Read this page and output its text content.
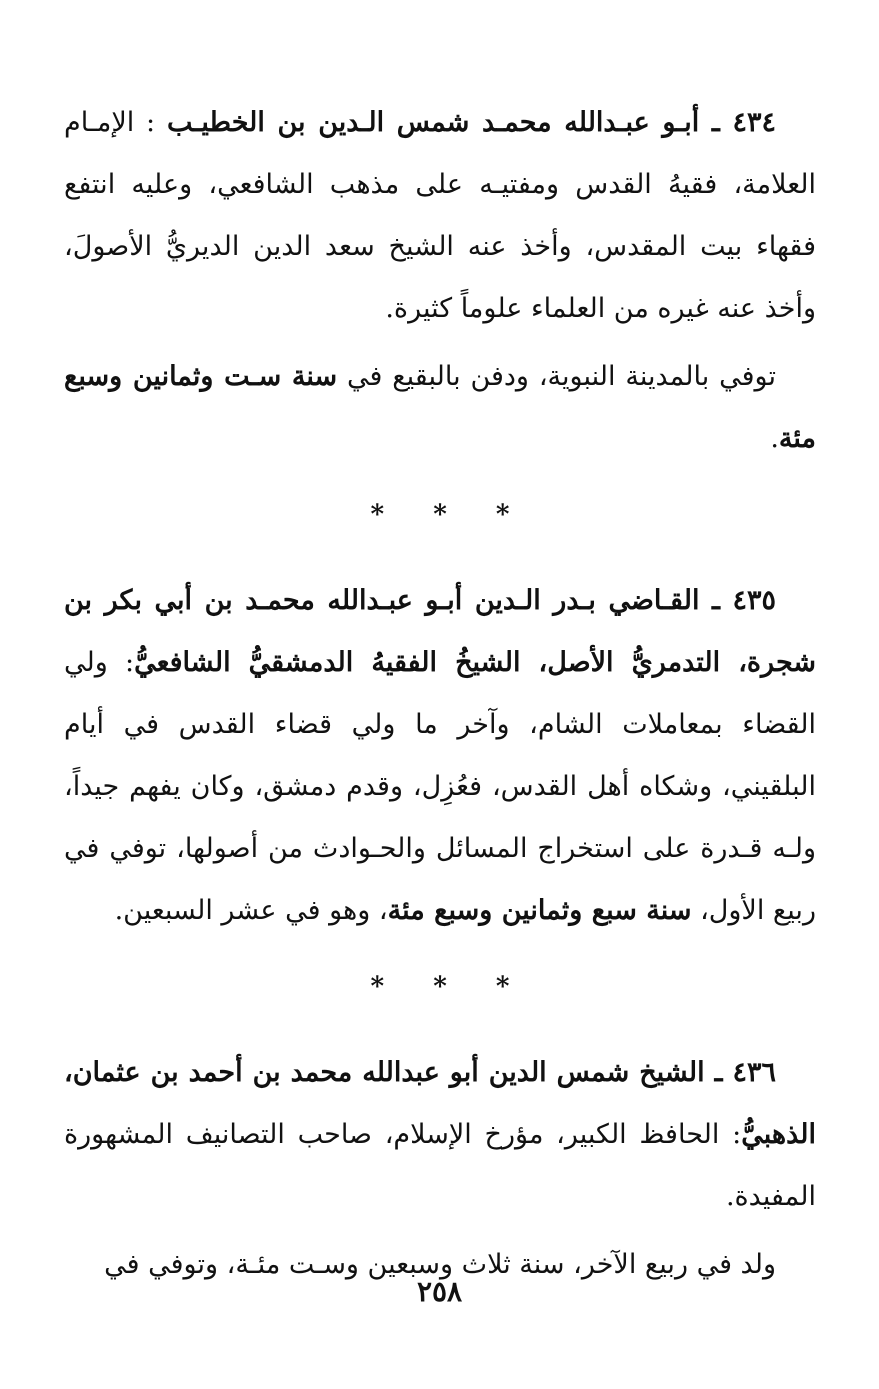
٤٣٤ ـ أبـو عبـدالله محمـد شمس الـدين بن الخطيـب : الإمـام العلامة، فقيهُ القدس ومفتيـه على مذهب الشافعي، وعليه انتفع فقهاء بيت المقدس، وأخذ عنه الشيخ سعد الدين الديريُّ الأصولَ، وأخذ عنه غيره من العلماء علوماً كثيرة.

توفي بالمدينة النبوية، ودفن بالبقيع في سنة سـت وثمانين وسبع مئة.

* * *

٤٣٥ ـ القـاضي بـدر الـدين أبـو عبـدالله محمـد بن أبي بكر بن شجرة، التدمريُّ الأصل، الشيخُ الفقيهُ الدمشقيُّ الشافعيُّ: ولي القضاء بمعاملات الشام، وآخر ما ولي قضاء القدس في أيام البلقيني، وشكاه أهل القدس، فعُزِل، وقدم دمشق، وكان يفهم جيداً، ولـه قـدرة على استخراج المسائل والحـوادث من أصولها، توفي في ربيع الأول، سنة سبع وثمانين وسبع مئة، وهو في عشر السبعين.

* * *

٤٣٦ ـ الشيخ شمس الدين أبو عبدالله محمد بن أحمد بن عثمان، الذهبيُّ: الحافظ الكبير، مؤرخ الإسلام، صاحب التصانيف المشهورة المفيدة.

ولد في ربيع الآخر، سنة ثلاث وسبعين وسـت مئـة، وتوفي في

٢٥٨
